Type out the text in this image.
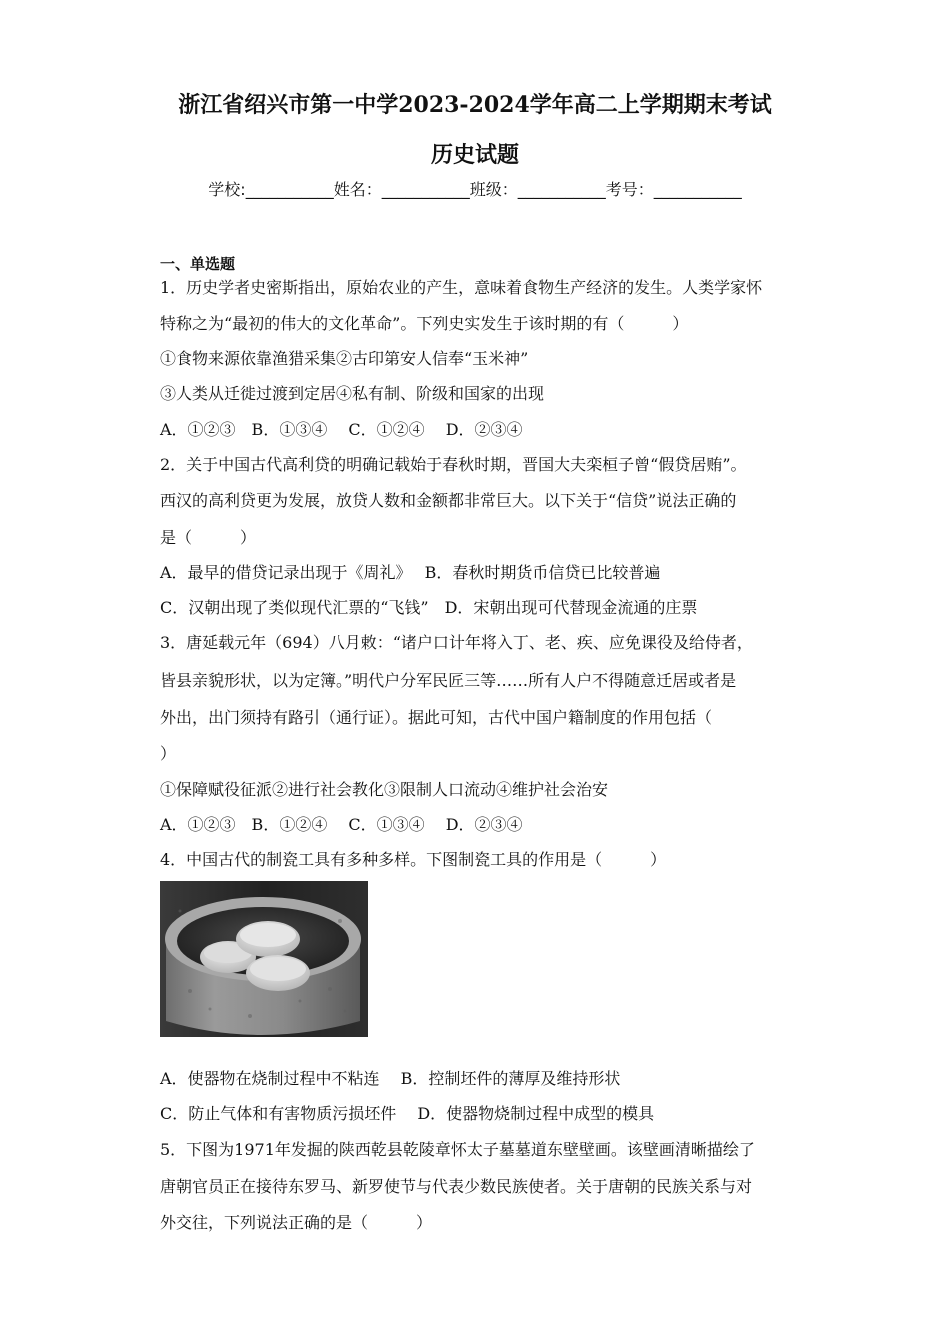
浙江省绍兴市第一中学2023-2024学年高二上学期期末考试
历史试题
学校:___________姓名：___________班级：___________考号：___________
一、单选题
1．历史学者史密斯指出，原始农业的产生，意味着食物生产经济的发生。人类学家怀
特称之为“最初的伟大的文化革命”。下列史实发生于该时期的有（　　　）
①食物来源依靠渔猎采集②古印第安人信奉“玉米神”
③人类从迁徙过渡到定居④私有制、阶级和国家的出现
A．①②③　B．①③④　 C．①②④　 D．②③④
2．关于中国古代高利贷的明确记载始于春秋时期，晋国大夫栾桓子曾“假贷居贿”。
西汉的高利贷更为发展，放贷人数和金额都非常巨大。以下关于“信贷”说法正确的
是（　　　）
A．最早的借贷记录出现于《周礼》　 B．春秋时期货币信贷已比较普遍
C．汉朝出现了类似现代汇票的“飞钱”　D．宋朝出现可代替现金流通的庄票
3．唐延载元年（694）八月敕：“诸户口计年将入丁、老、疾、应免课役及给侍者，
皆县亲貌形状，以为定簿。”明代户分军民匠三等……所有人户不得随意迁居或者是
外出，出门须持有路引（通行证）。据此可知，古代中国户籍制度的作用包括（
）
①保障赋役征派②进行社会教化③限制人口流动④维护社会治安
A．①②③　B．①②④　 C．①③④　 D．②③④
4．中国古代的制瓷工具有多种多样。下图制瓷工具的作用是（　　　）
A．使器物在烧制过程中不粘连　 B．控制坯件的薄厚及维持形状
C．防止气体和有害物质污损坯件　 D．使器物烧制过程中成型的模具
5．下图为1971年发掘的陕西乾县乾陵章怀太子墓墓道东壁壁画。该壁画清晰描绘了
唐朝官员正在接待东罗马、新罗使节与代表少数民族使者。关于唐朝的民族关系与对
外交往，下列说法正确的是（　　　）
